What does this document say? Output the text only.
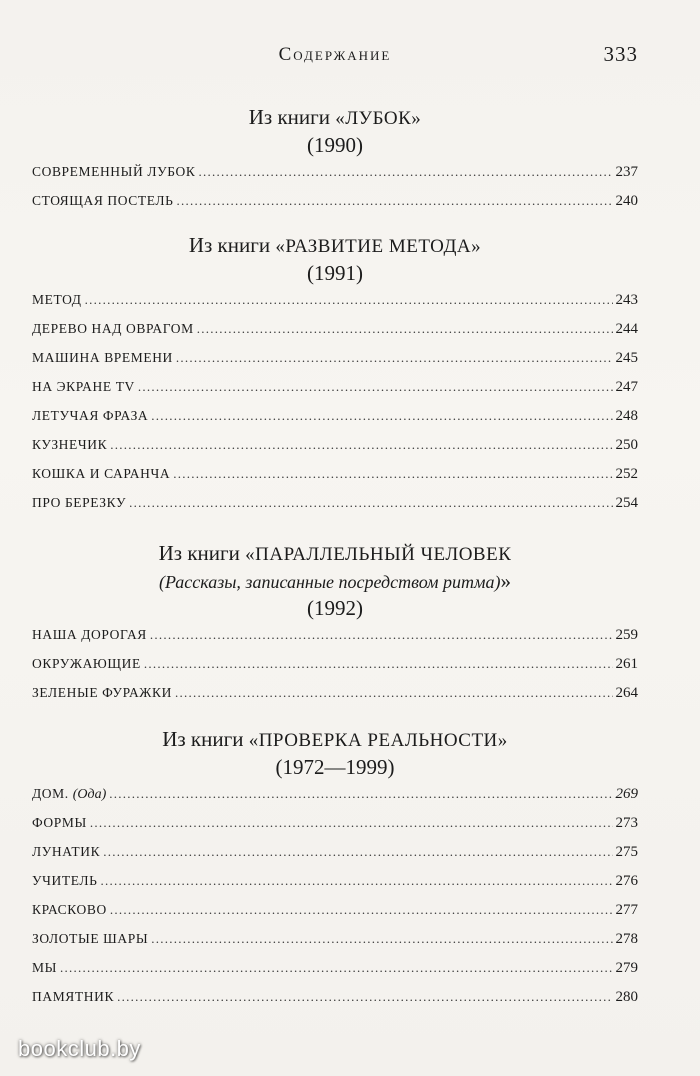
Содержание	333
Из книги «ЛУБОК»
(1990)
СОВРЕМЕННЫЙ ЛУБОК . . .	237
СТОЯЩАЯ ПОСТЕЛЬ . . .	240
Из книги «РАЗВИТИЕ МЕТОДА»
(1991)
МЕТОД . . .	243
ДЕРЕВО НАД ОВРАГОМ . . .	244
МАШИНА ВРЕМЕНИ . . .	245
НА ЭКРАНЕ TV . . .	247
ЛЕТУЧАЯ ФРАЗА . . .	248
КУЗНЕЧИК . . .	250
КОШКА И САРАНЧА . . .	252
ПРО БЕРЕЗКУ . . .	254
Из книги «ПАРАЛЛЕЛЬНЫЙ ЧЕЛОВЕК
(Рассказы, записанные посредством ритма)»
(1992)
НАША ДОРОГАЯ . . .	259
ОКРУЖАЮЩИЕ . . .	261
ЗЕЛЕНЫЕ ФУРАЖКИ . . .	264
Из книги «ПРОВЕРКА РЕАЛЬНОСТИ»
(1972—1999)
ДОМ. (Ода) . . .	269
ФОРМЫ . . .	273
ЛУНАТИК . . .	275
УЧИТЕЛЬ . . .	276
КРАСКОВО . . .	277
ЗОЛОТЫЕ ШАРЫ . . .	278
МЫ . . .	279
ПАМЯТНИК . . .	280
bookclub.by
